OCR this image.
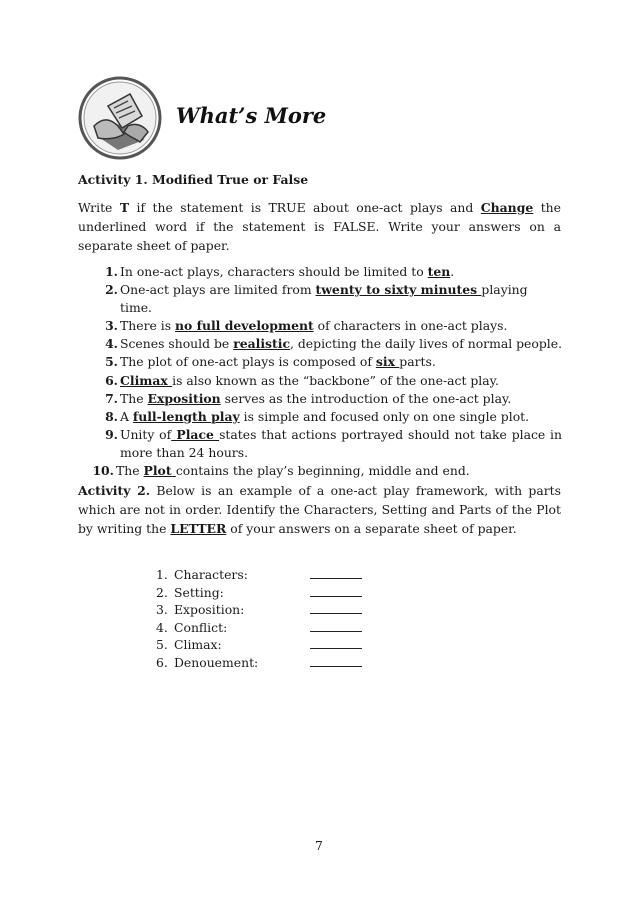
What’s More
Activity 1. Modified True or False
Write T if the statement is TRUE about one-act plays and Change the underlined word if the statement is FALSE. Write your answers on a separate sheet of paper.
1. In one-act plays, characters should be limited to ten.
2. One-act plays are limited from twenty to sixty minutes playing time.
3. There is no full development of characters in one-act plays.
4. Scenes should be realistic, depicting the daily lives of normal people.
5. The plot of one-act plays is composed of six parts.
6. Climax is also known as the “backbone” of the one-act play.
7. The Exposition serves as the introduction of the one-act play.
8. A full-length play is simple and focused only on one single plot.
9. Unity of Place states that actions portrayed should not take place in more than 24 hours.
10. The Plot contains the play’s beginning, middle and end.
Activity 2. Below is an example of a one-act play framework, with parts which are not in order. Identify the Characters, Setting and Parts of the Plot by writing the LETTER of your answers on a separate sheet of paper.
1. Characters:
2. Setting:
3. Exposition:
4. Conflict:
5. Climax:
6. Denouement:
7
